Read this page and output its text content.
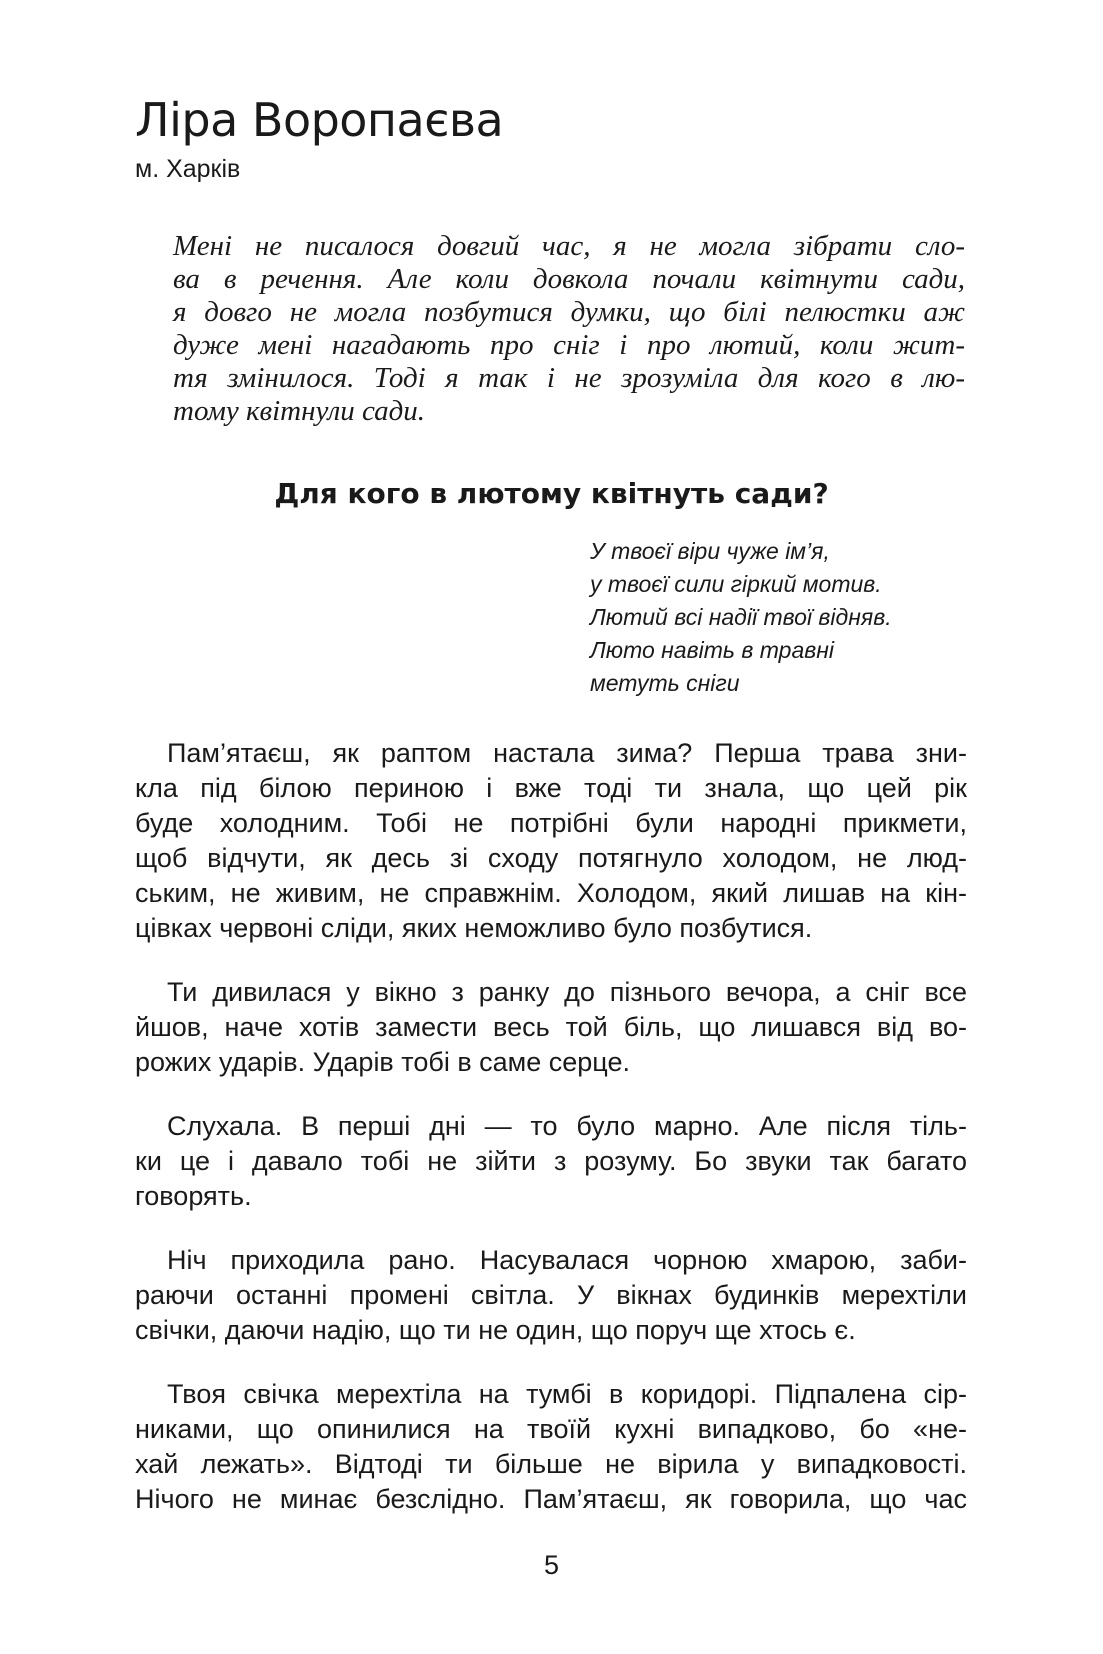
Ліра Воропаєва

м. Харків

Мені не писалося довгий час, я не могла зібрати сло-
ва в речення. Але коли довкола почали квітнути сади,
я довго не могла позбутися думки, що білі пелюстки аж
дуже мені нагадають про сніг і про лютий, коли жит-
тя змінилося. Тоді я так і не зрозуміла для кого в лю-
тому квітнули сади.
Для кого в лютому квітнуть сади?
У твоєї віри чуже ім’я,
у твоєї сили гіркий мотив.
Лютий всі надії твої відняв.
Люто навіть в травні
метуть сніги

Пам’ятаєш, як раптом настала зима? Перша трава зни-
кла під білою периною і вже тоді ти знала, що цей рік
буде холодним. Тобі не потрібні були народні прикмети,
щоб відчути, як десь зі сходу потягнуло холодом, не люд-
ським, не живим, не справжнім. Холодом, який лишав на кін-
цівках червоні сліди, яких неможливо було позбутися.

Ти дивилася у вікно з ранку до пізнього вечора, а сніг все
йшов, наче хотів замести весь той біль, що лишався від во-
рожих ударів. Ударів тобі в саме серце.

Слухала. В перші дні — то було марно. Але після тіль-
ки це і давало тобі не зійти з розуму. Бо звуки так багато
говорять.

Ніч приходила рано. Насувалася чорною хмарою, заби-
раючи останні промені світла. У вікнах будинків мерехтіли
свічки, даючи надію, що ти не один, що поруч ще хтось є.

Твоя свічка мерехтіла на тумбі в коридорі. Підпалена сір-
никами, що опинилися на твоїй кухні випадково, бо «не-
хай лежать». Відтоді ти більше не вірила у випадковості.
Нічого не минає безслідно. Пам’ятаєш, як говорила, що час

5
